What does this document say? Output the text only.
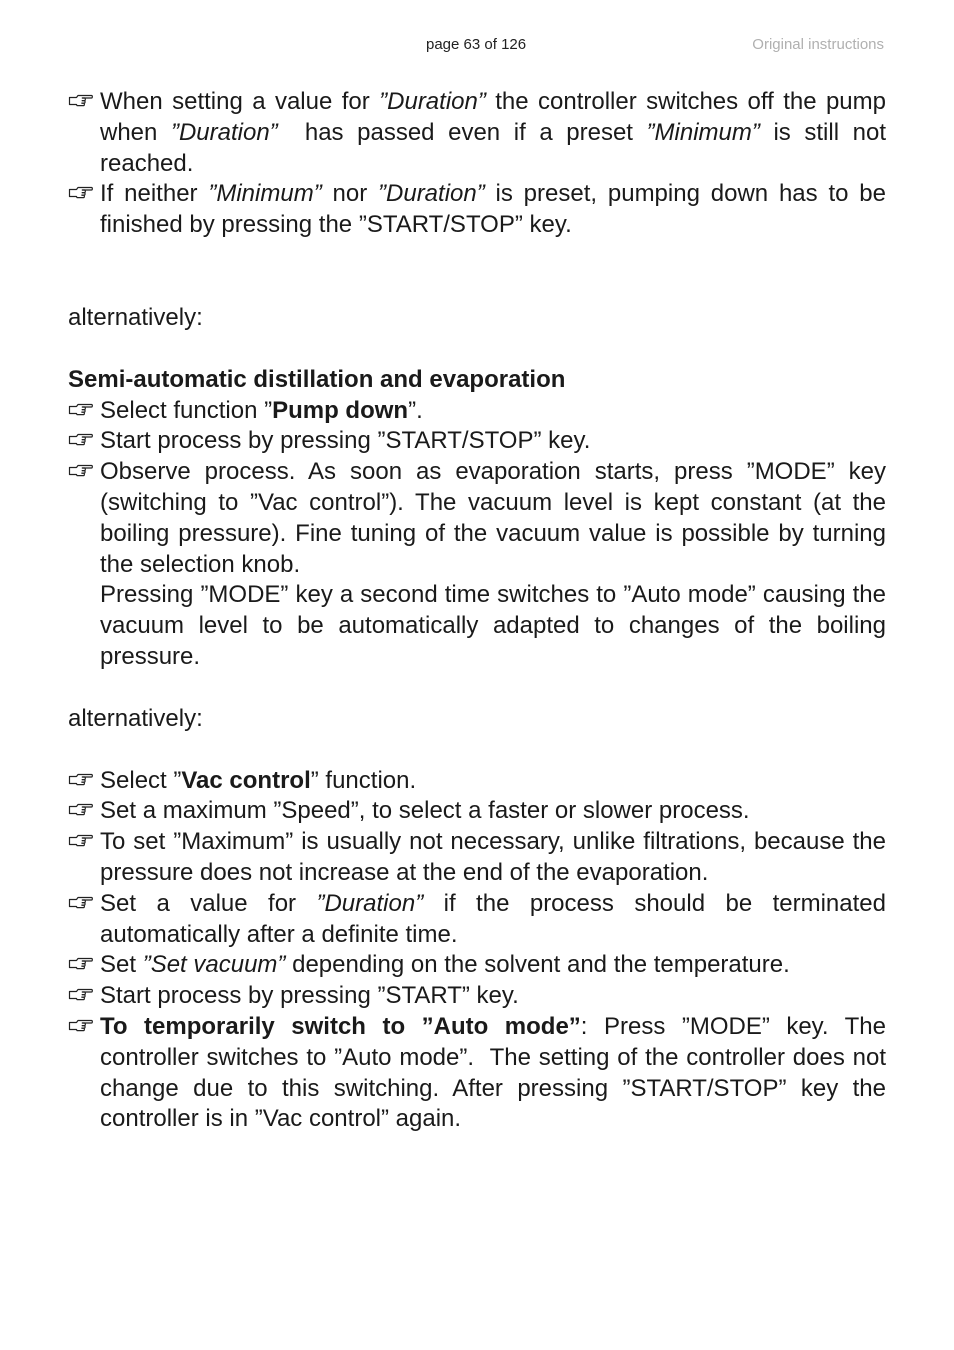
page 63 of 126	Original instructions
When setting a value for ”Duration” the controller switches off the pump when ”Duration”  has passed even if a preset ”Minimum” is still not reached.
If neither ”Minimum” nor ”Duration” is preset, pumping down has to be finished by pressing the ”START/STOP” key.

alternatively:

Semi-automatic distillation and evaporation

Select function ”Pump down”.
Start process by pressing ”START/STOP” key.
Observe process. As soon as evaporation starts, press ”MODE” key (switching to ”Vac control”). The vacuum level is kept constant (at the boiling pressure). Fine tuning of the vacuum value is possible by turning the selection knob.
Pressing ”MODE” key a second time switches to ”Auto mode” causing the vacuum level to be automatically adapted to changes of the boiling pressure.

alternatively:

Select ”Vac control” function.
Set a maximum ”Speed”, to select a faster or slower process.
To set ”Maximum” is usually not necessary, unlike filtrations, because the pressure does not increase at the end of the evaporation.
Set a value for ”Duration” if the process should be terminated automatically after a definite time.
Set ”Set vacuum” depending on the solvent and the temperature.
Start process by pressing ”START” key.
To temporarily switch to ”Auto mode”: Press ”MODE” key. The controller switches to ”Auto mode”.  The setting of the controller does not change due to this switching. After pressing ”START/STOP” key the controller is in ”Vac control” again.
